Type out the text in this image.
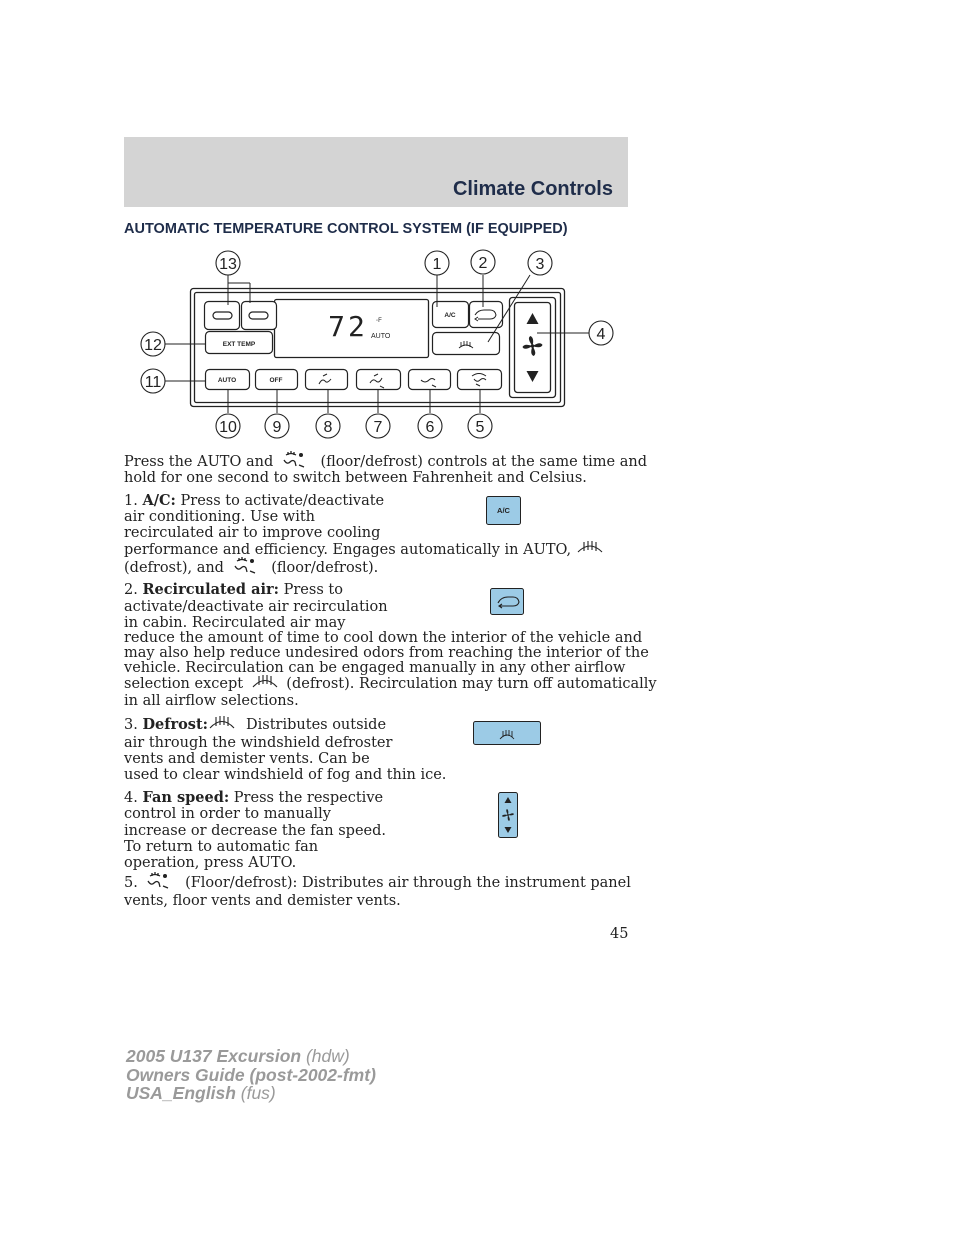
Climate Controls
AUTOMATIC TEMPERATURE CONTROL SYSTEM (IF EQUIPPED)
EXT TEMP
72 ◦F
AUTO
A/C
AUTO	OFF
13	1 2	3
4
5
6
7
8
9
10
11
12
Press the AUTO and	(floor/defrost) controls at the same time and
hold for one second to switch between Fahrenheit and Celsius.
1. A/C: Press to activate/deactivate
air conditioning. Use with
recirculated air to improve cooling
performance and efficiency. Engages automatically in AUTO,
(defrost), and	(floor/defrost).
A/C
2. Recirculated air: Press to
activate/deactivate air recirculation
in cabin. Recirculated air may
reduce the amount of time to cool down the interior of the vehicle and
may also help reduce undesired odors from reaching the interior of the
vehicle. Recirculation can be engaged manually in any other airflow
selection except	(defrost). Recirculation may turn off automatically
in all airflow selections.
3. Defrost:	Distributes outside
air through the windshield defroster
vents and demister vents. Can be
used to clear windshield of fog and thin ice.
4. Fan speed: Press the respective
control in order to manually
increase or decrease the fan speed.
To return to automatic fan
operation, press AUTO.
5.	(Floor/defrost): Distributes air through the instrument panel
vents, floor vents and demister vents.
45
2005 U137 Excursion (hdw)
Owners Guide (post-2002-fmt)
USA_English (fus)
